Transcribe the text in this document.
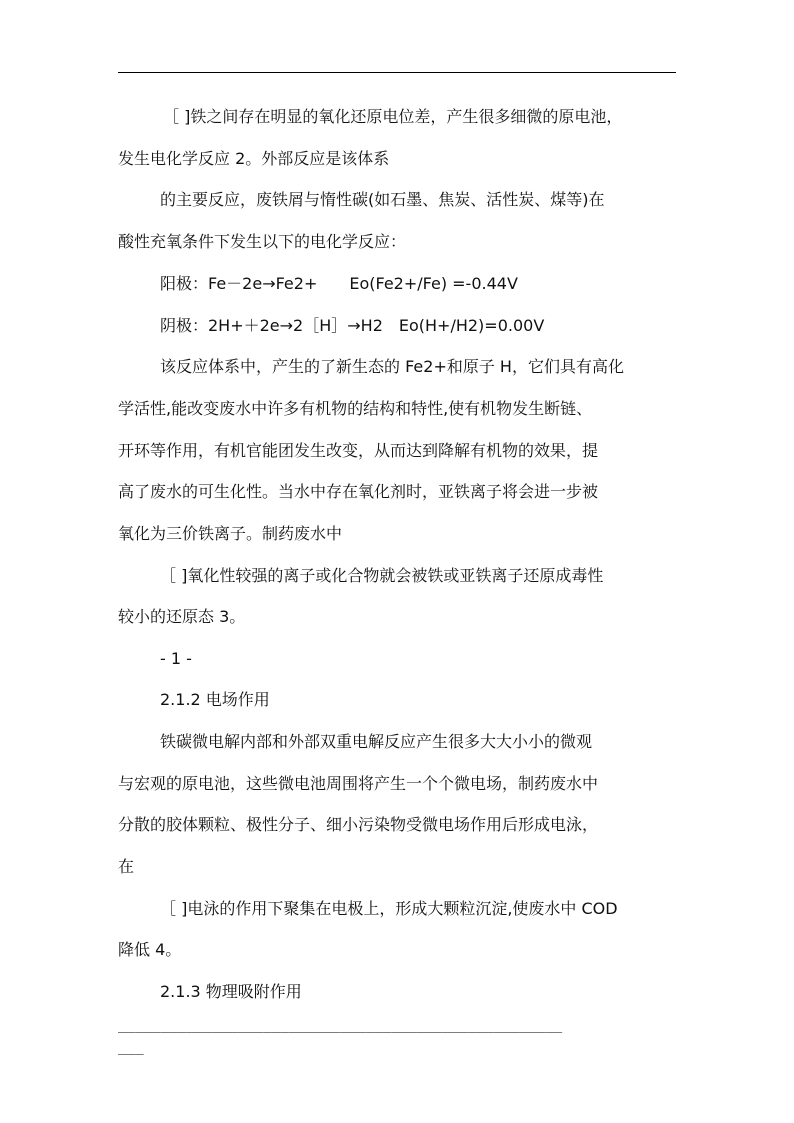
［ ]铁之间存在明显的氧化还原电位差，产生很多细微的原电池，
发生电化学反应 2。外部反应是该体系
的主要反应，废铁屑与惰性碳(如石墨、焦炭、活性炭、煤等)在
酸性充氧条件下发生以下的电化学反应：
阳极：Fe－2e→Fe2+　　Eo(Fe2+/Fe) =-0.44V
阴极：2H+＋2e→2［H］→H2　Eo(H+/H2)=0.00V
该反应体系中，产生的了新生态的 Fe2+和原子 H，它们具有高化
学活性,能改变废水中许多有机物的结构和特性,使有机物发生断链、
开环等作用，有机官能团发生改变，从而达到降解有机物的效果，提
高了废水的可生化性。当水中存在氧化剂时，亚铁离子将会进一步被
氧化为三价铁离子。制药废水中
［ ]氧化性较强的离子或化合物就会被铁或亚铁离子还原成毒性
较小的还原态 3。
- 1 -
2.1.2 电场作用
铁碳微电解内部和外部双重电解反应产生很多大大小小的微观
与宏观的原电池，这些微电池周围将产生一个个微电场，制药废水中
分散的胶体颗粒、极性分子、细小污染物受微电场作用后形成电泳，
在
［ ]电泳的作用下聚集在电极上，形成大颗粒沉淀,使废水中 COD
降低 4。
2.1.3 物理吸附作用
____________________________________________________
___
